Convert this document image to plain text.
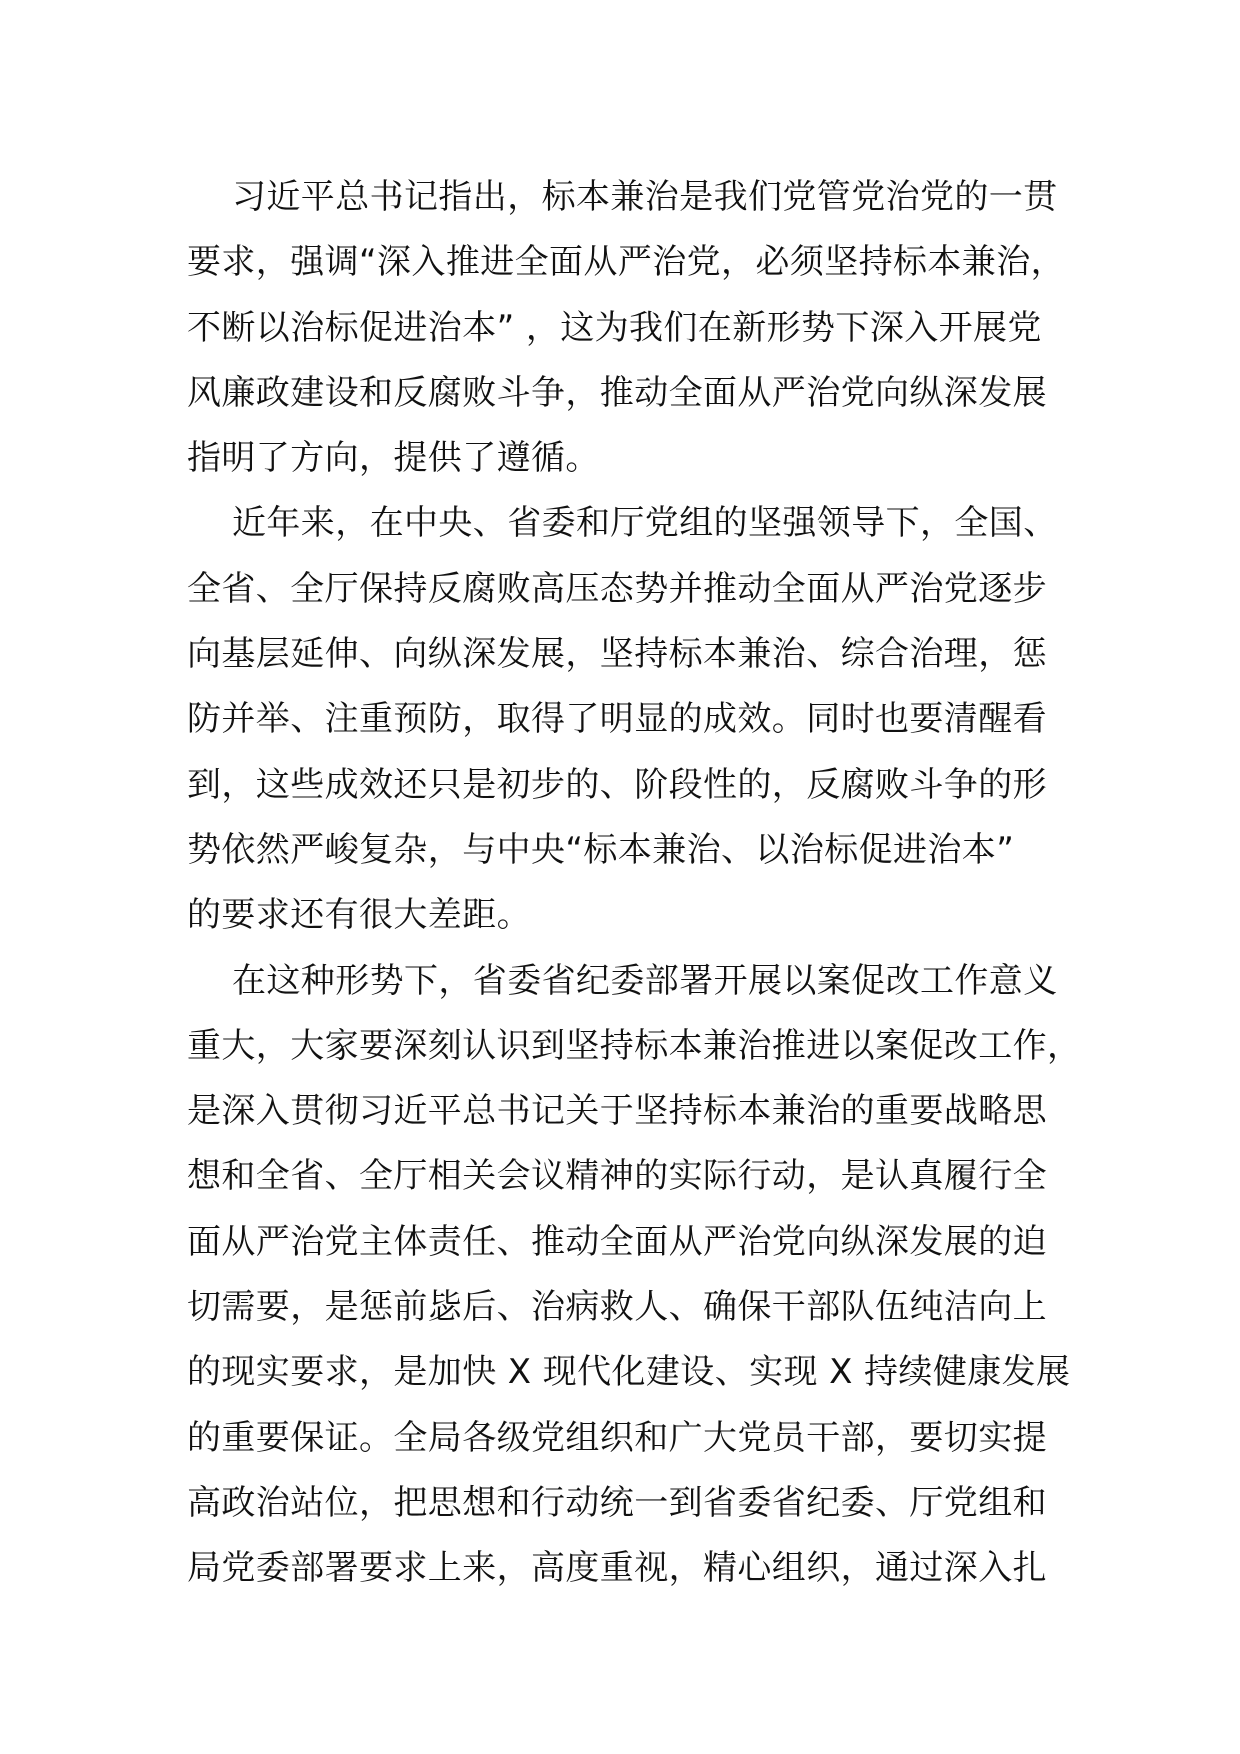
习近平总书记指出，标本兼治是我们党管党治党的一贯
要求，强调“深入推进全面从严治党，必须坚持标本兼治，
不断以治标促进治本” ，这为我们在新形势下深入开展党
风廉政建设和反腐败斗争，推动全面从严治党向纵深发展
指明了方向，提供了遵循。
近年来，在中央、省委和厅党组的坚强领导下，全国、
全省、全厅保持反腐败高压态势并推动全面从严治党逐步
向基层延伸、向纵深发展，坚持标本兼治、综合治理，惩
防并举、注重预防，取得了明显的成效。同时也要清醒看
到，这些成效还只是初步的、阶段性的，反腐败斗争的形
势依然严峻复杂，与中央“标本兼治、以治标促进治本”
的要求还有很大差距。
在这种形势下，省委省纪委部署开展以案促改工作意义
重大，大家要深刻认识到坚持标本兼治推进以案促改工作，
是深入贯彻习近平总书记关于坚持标本兼治的重要战略思
想和全省、全厅相关会议精神的实际行动，是认真履行全
面从严治党主体责任、推动全面从严治党向纵深发展的迫
切需要，是惩前毖后、治病救人、确保干部队伍纯洁向上
的现实要求，是加快 X 现代化建设、实现 X 持续健康发展
的重要保证。全局各级党组织和广大党员干部，要切实提
高政治站位，把思想和行动统一到省委省纪委、厅党组和
局党委部署要求上来，高度重视，精心组织，通过深入扎
